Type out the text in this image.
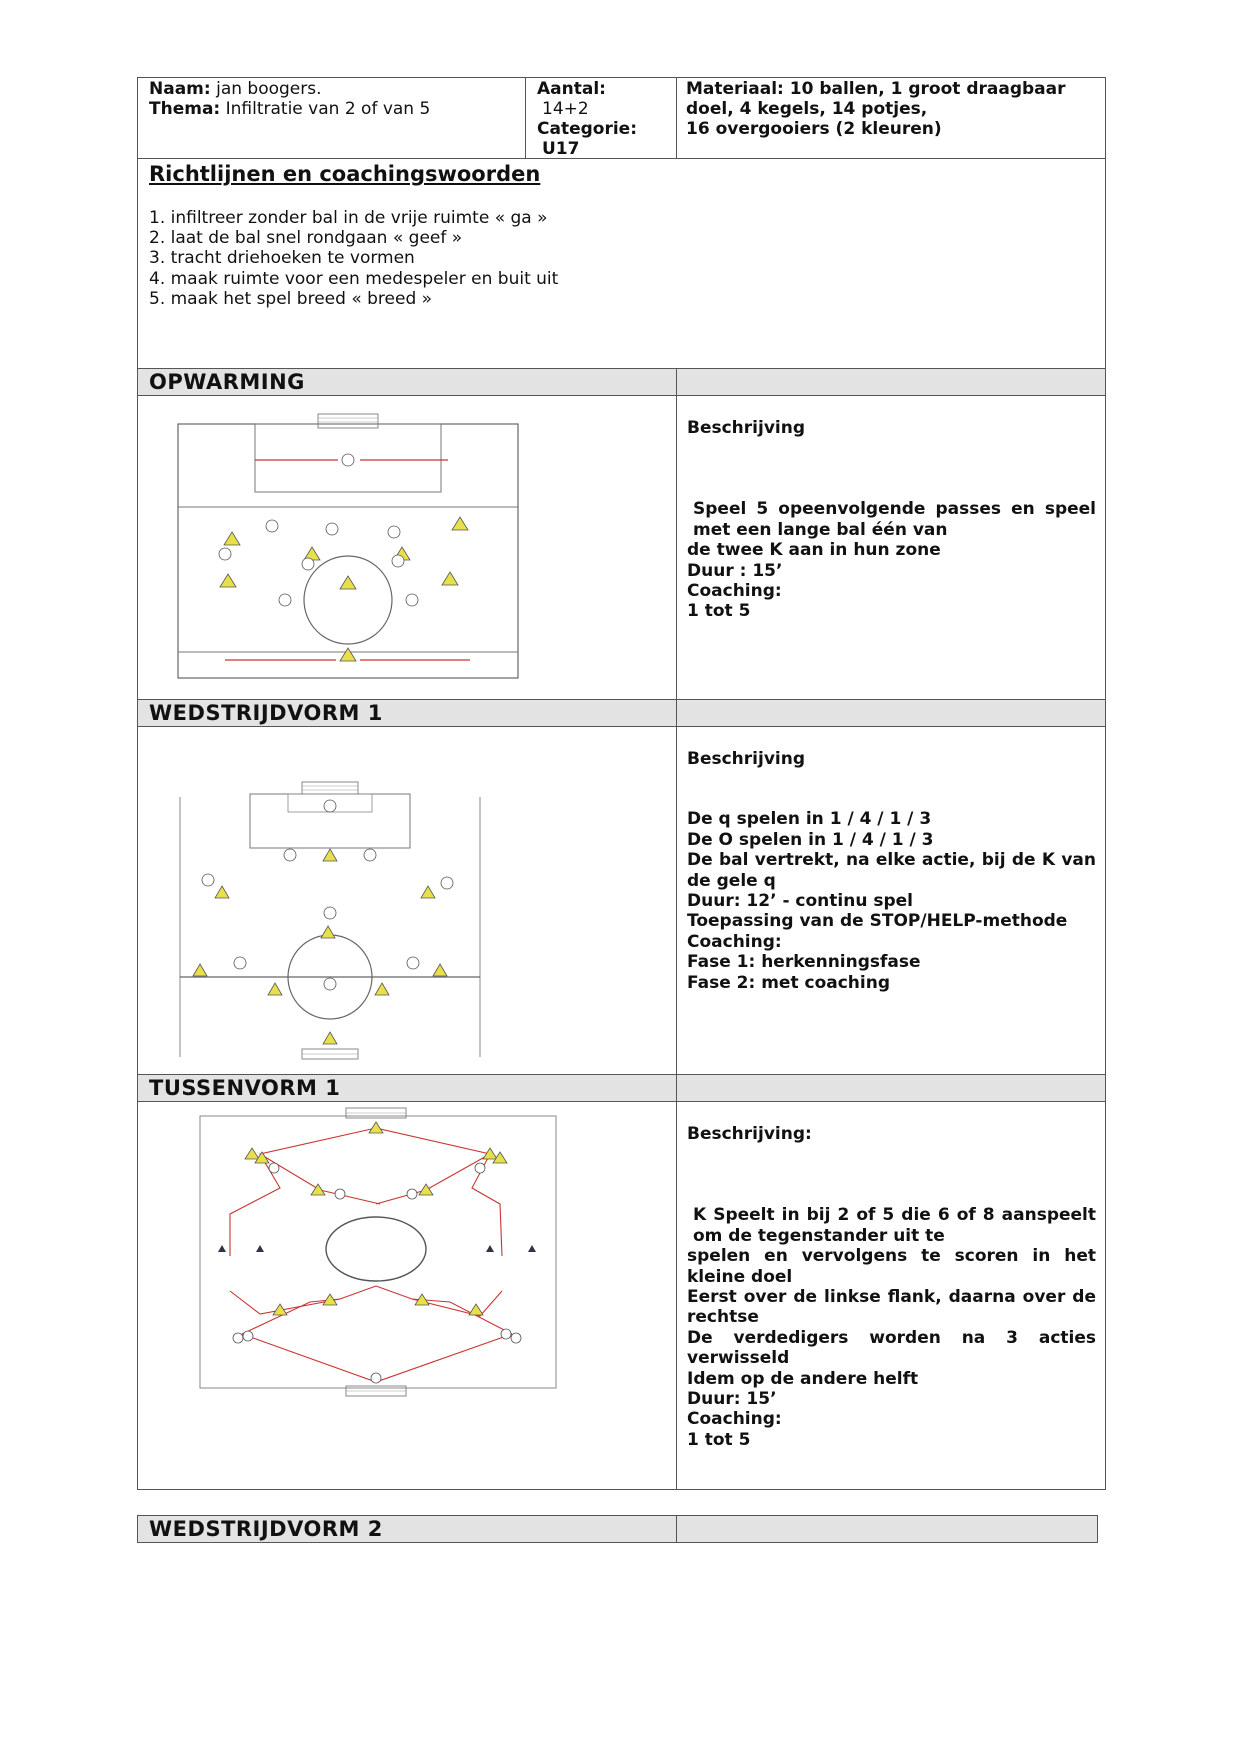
Naam: jan boogers.
Thema: Infiltratie van 2 of van 5
Aantal:
14+2
Categorie:
U17
Materiaal: 10 ballen, 1 groot draagbaar
doel, 4 kegels, 14 potjes,
16 overgooiers (2 kleuren)
Richtlijnen en coachingswoorden
1. infiltreer zonder bal in de vrije ruimte « ga »
2. laat de bal snel rondgaan « geef »
3. tracht driehoeken te vormen
4. maak ruimte voor een medespeler en buit uit
5. maak het spel breed « breed »
OPWARMING
Beschrijving
Speel 5 opeenvolgende passes en speel met een lange bal één van
de twee K aan in hun zone
Duur : 15’
Coaching:
1 tot 5
WEDSTRIJDVORM 1
Beschrijving
De q spelen in 1 / 4 / 1 / 3
De O spelen in 1 / 4 / 1 / 3
De bal vertrekt, na elke actie, bij de K van de gele q
Duur: 12’ - continu spel
Toepassing van de STOP/HELP-methode
Coaching:
Fase 1: herkenningsfase
Fase 2: met coaching
TUSSENVORM 1
Beschrijving:
K Speelt in bij 2 of 5 die 6 of 8 aanspeelt om de tegenstander uit te
spelen en vervolgens te scoren in het kleine doel
Eerst over de linkse flank, daarna over de rechtse
De verdedigers worden na 3 acties verwisseld
Idem op de andere helft
Duur: 15’
Coaching:
1 tot 5
WEDSTRIJDVORM 2
